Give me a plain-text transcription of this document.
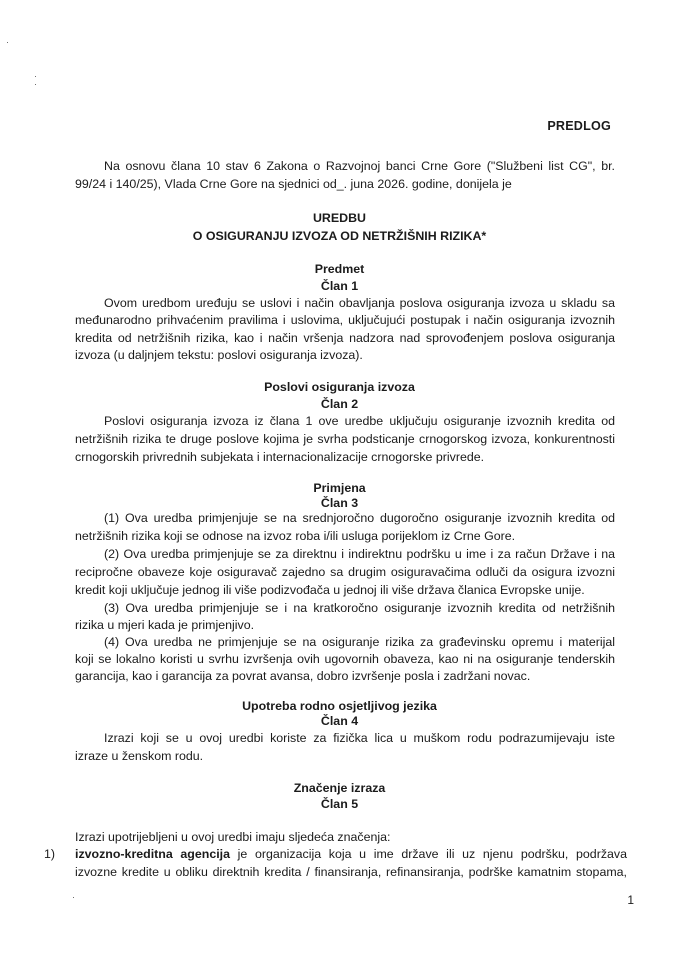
·
·
·
·
PREDLOG
Na osnovu člana 10 stav 6 Zakona o Razvojnoj banci Crne Gore ("Službeni list CG", br.
99/24 i 140/25), Vlada Crne Gore na sjednici od_. juna 2026. godine, donijela je
UREDBU
O OSIGURANJU IZVOZA OD NETRŽIŠNIH RIZIKA*
Predmet
Član 1
Ovom uredbom uređuju se uslovi i način obavljanja poslova osiguranja izvoza u skladu sa
međunarodno prihvaćenim pravilima i uslovima, uključujući postupak i način osiguranja izvoznih
kredita od netržišnih rizika, kao i način vršenja nadzora nad sprovođenjem poslova osiguranja
izvoza (u daljnjem tekstu: poslovi osiguranja izvoza).
Poslovi osiguranja izvoza
Član 2
Poslovi osiguranja izvoza iz člana 1 ove uredbe uključuju osiguranje izvoznih kredita od
netržišnih rizika te druge poslove kojima je svrha podsticanje crnogorskog izvoza, konkurentnosti
crnogorskih privrednih subjekata i internacionalizacije crnogorske privrede.
Primjena
Član 3
(1) Ova uredba primjenjuje se na srednjoročno dugoročno osiguranje izvoznih kredita od
netržišnih rizika koji se odnose na izvoz roba i/ili usluga porijeklom iz Crne Gore.
(2) Ova uredba primjenjuje se za direktnu i indirektnu podršku u ime i za račun Države i na
recipročne obaveze koje osiguravač zajedno sa drugim osiguravačima odluči da osigura izvozni
kredit koji uključuje jednog ili više podizvođača u jednoj ili više država članica Evropske unije.
(3) Ova uredba primjenjuje se i na kratkoročno osiguranje izvoznih kredita od netržišnih
rizika u mjeri kada je primjenjivo.
(4) Ova uredba ne primjenjuje se na osiguranje rizika za građevinsku opremu i materijal
koji se lokalno koristi u svrhu izvršenja ovih ugovornih obaveza, kao ni na osiguranje tenderskih
garancija, kao i garancija za povrat avansa, dobro izvršenje posla i zadržani novac.
Upotreba rodno osjetljivog jezika
Član 4
Izrazi koji se u ovoj uredbi koriste za fizička lica u muškom rodu podrazumijevaju iste
izraze u ženskom rodu.
Značenje izraza
Član 5
Izrazi upotrijebljeni u ovoj uredbi imaju sljedeća značenja:
1) izvozno-kreditna agencija je organizacija koja u ime države ili uz njenu podršku, podržava
izvozne kredite u obliku direktnih kredita / finansiranja, refinansiranja, podrške kamatnim stopama,
1
